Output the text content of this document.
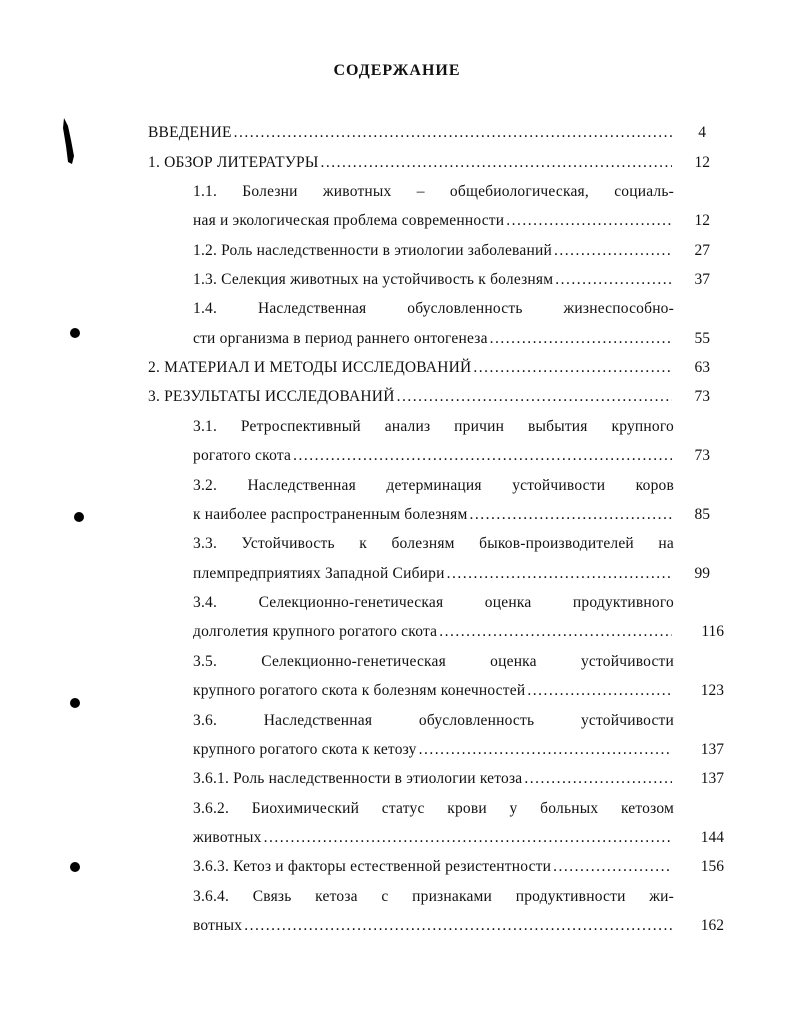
СОДЕРЖАНИЕ
ВВЕДЕНИЕ .....	4
1. ОБЗОР ЛИТЕРАТУРЫ .....	12
1.1. Болезни животных – общебиологическая, социаль-
ная и экологическая проблема современности .....	12
1.2. Роль наследственности в этиологии заболеваний .....	27
1.3. Селекция животных на устойчивость к болезням .....	37
1.4. Наследственная обусловленность жизнеспособно-
сти организма в период раннего онтогенеза .....	55
2. МАТЕРИАЛ И МЕТОДЫ ИССЛЕДОВАНИЙ .....	63
3. РЕЗУЛЬТАТЫ ИССЛЕДОВАНИЙ .....	73
3.1. Ретроспективный анализ причин выбытия крупного
рогатого скота .....	73
3.2. Наследственная детерминация устойчивости коров
к наиболее распространенным болезням .....	85
3.3. Устойчивость к болезням быков-производителей на
племпредприятиях Западной Сибири .....	99
3.4. Селекционно-генетическая оценка продуктивного
долголетия крупного рогатого скота .....	116
3.5. Селекционно-генетическая оценка устойчивости
крупного рогатого скота к болезням конечностей .....	123
3.6. Наследственная обусловленность устойчивости
крупного рогатого скота к кетозу .....	137
3.6.1. Роль наследственности в этиологии кетоза .....	137
3.6.2. Биохимический статус крови у больных кетозом
животных .....	144
3.6.3. Кетоз и факторы естественной резистентности .....	156
3.6.4. Связь кетоза с признаками продуктивности жи-
вотных .....	162
